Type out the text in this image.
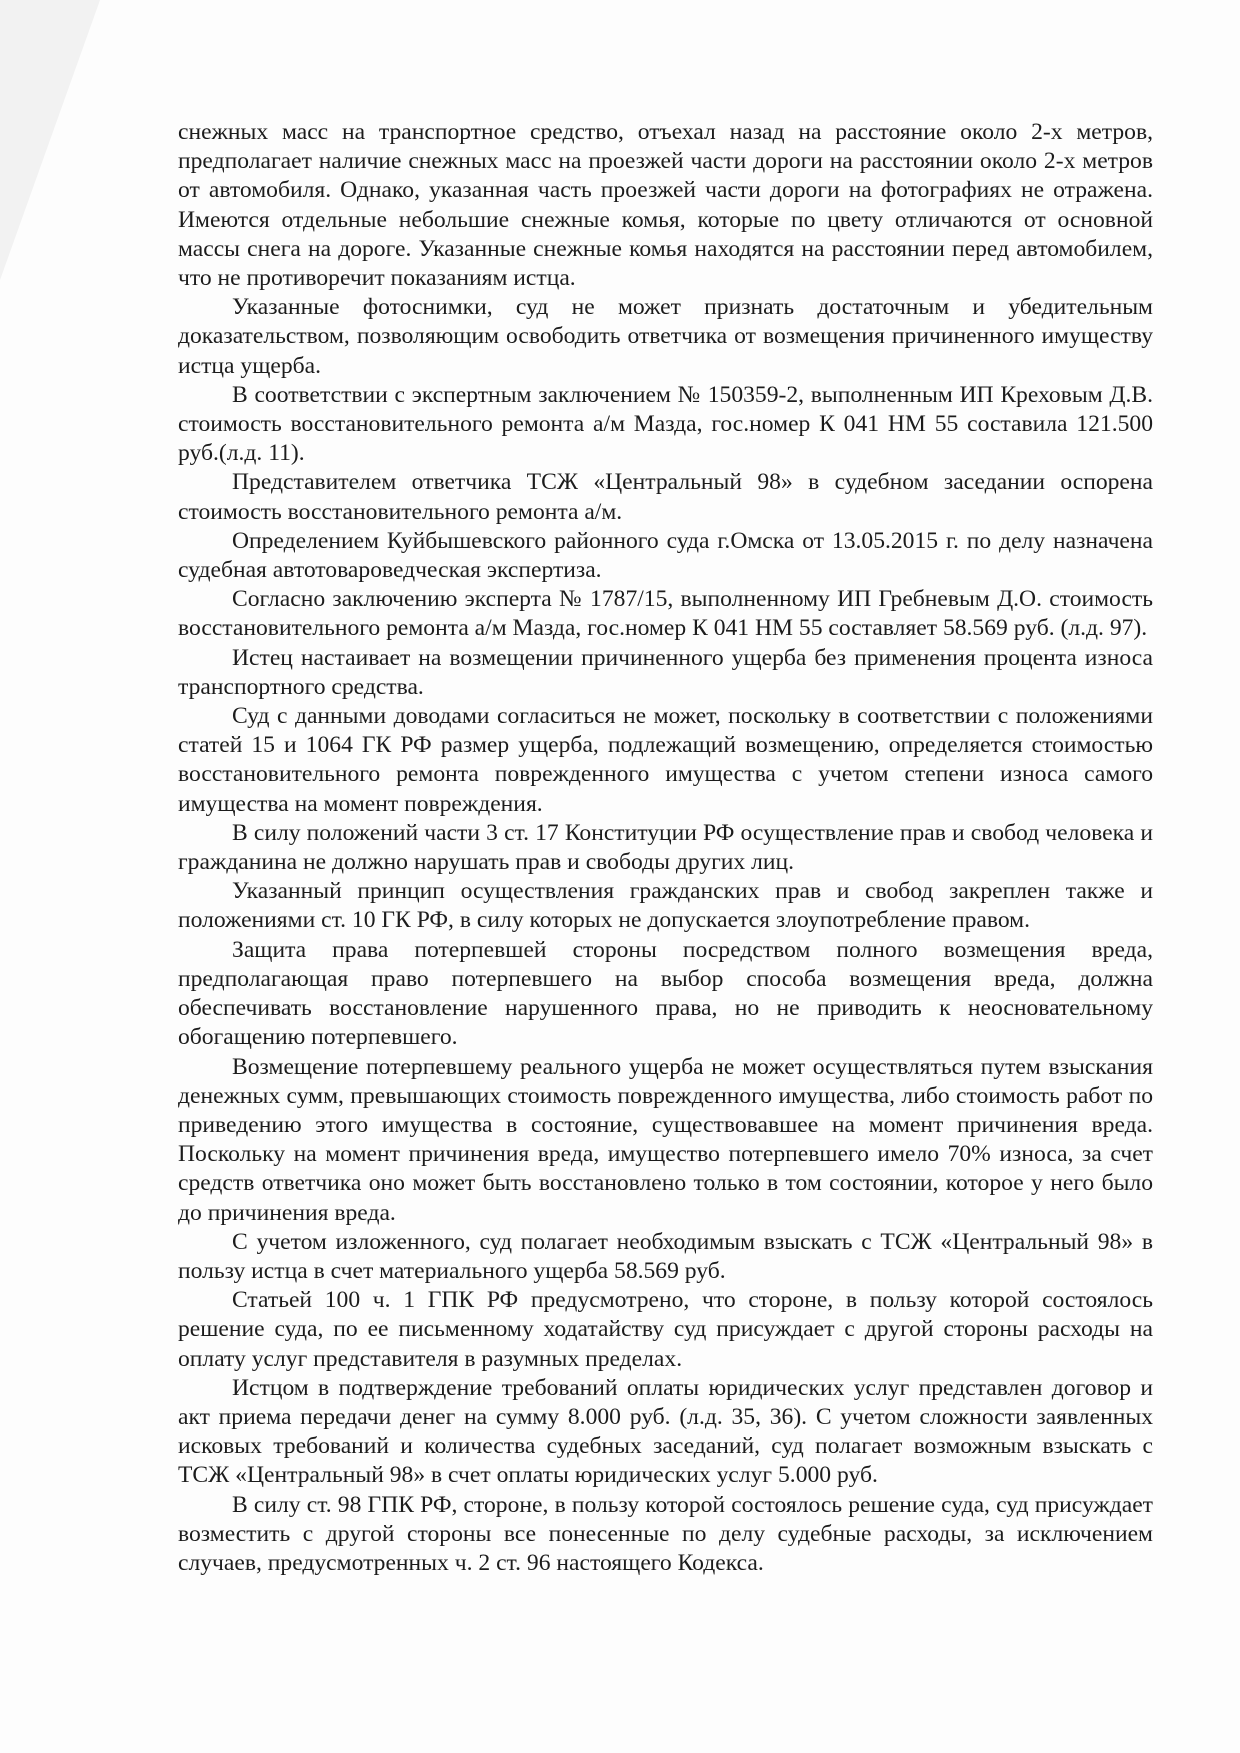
снежных масс на транспортное средство, отъехал назад на расстояние около 2-х метров, предполагает наличие снежных масс на проезжей части дороги на расстоянии около 2-х метров от автомобиля. Однако, указанная часть проезжей части дороги на фотографиях не отражена. Имеются отдельные небольшие снежные комья, которые по цвету отличаются от основной массы снега на дороге. Указанные снежные комья находятся на расстоянии перед автомобилем, что не противоречит показаниям истца.

Указанные фотоснимки, суд не может признать достаточным и убедительным доказательством, позволяющим освободить ответчика от возмещения причиненного имуществу истца ущерба.

В соответствии с экспертным заключением № 150359-2, выполненным ИП Креховым Д.В. стоимость восстановительного ремонта а/м Мазда, гос.номер К 041 НМ 55 составила 121.500 руб.(л.д. 11).

Представителем ответчика ТСЖ «Центральный 98» в судебном заседании оспорена стоимость восстановительного ремонта а/м.

Определением Куйбышевского районного суда г.Омска от 13.05.2015 г. по делу назначена судебная автотовароведческая экспертиза.

Согласно заключению эксперта № 1787/15, выполненному ИП Гребневым Д.О. стоимость восстановительного ремонта а/м Мазда, гос.номер К 041 НМ 55 составляет 58.569 руб. (л.д. 97).

Истец настаивает на возмещении причиненного ущерба без применения процента износа транспортного средства.

Суд с данными доводами согласиться не может, поскольку в соответствии с положениями статей 15 и 1064 ГК РФ размер ущерба, подлежащий возмещению, определяется стоимостью восстановительного ремонта поврежденного имущества с учетом степени износа самого имущества на момент повреждения.

В силу положений части 3 ст. 17 Конституции РФ осуществление прав и свобод человека и гражданина не должно нарушать прав и свободы других лиц.

Указанный принцип осуществления гражданских прав и свобод закреплен также и положениями ст. 10 ГК РФ, в силу которых не допускается злоупотребление правом.

Защита права потерпевшей стороны посредством полного возмещения вреда, предполагающая право потерпевшего на выбор способа возмещения вреда, должна обеспечивать восстановление нарушенного права, но не приводить к неосновательному обогащению потерпевшего.

Возмещение потерпевшему реального ущерба не может осуществляться путем взыскания денежных сумм, превышающих стоимость поврежденного имущества, либо стоимость работ по приведению этого имущества в состояние, существовавшее на момент причинения вреда. Поскольку на момент причинения вреда, имущество потерпевшего имело 70% износа, за счет средств ответчика оно может быть восстановлено только в том состоянии, которое у него было до причинения вреда.

С учетом изложенного, суд полагает необходимым взыскать с ТСЖ «Центральный 98» в пользу истца в счет материального ущерба 58.569 руб.

Статьей 100 ч. 1 ГПК РФ предусмотрено, что стороне, в пользу которой состоялось решение суда, по ее письменному ходатайству суд присуждает с другой стороны расходы на оплату услуг представителя в разумных пределах.

Истцом в подтверждение требований оплаты юридических услуг представлен договор и акт приема передачи денег на сумму 8.000 руб. (л.д. 35, 36). С учетом сложности заявленных исковых требований и количества судебных заседаний, суд полагает возможным взыскать с ТСЖ «Центральный 98» в счет оплаты юридических услуг 5.000 руб.

В силу ст. 98 ГПК РФ, стороне, в пользу которой состоялось решение суда, суд присуждает возместить с другой стороны все понесенные по делу судебные расходы, за исключением случаев, предусмотренных ч. 2 ст. 96 настоящего Кодекса.
